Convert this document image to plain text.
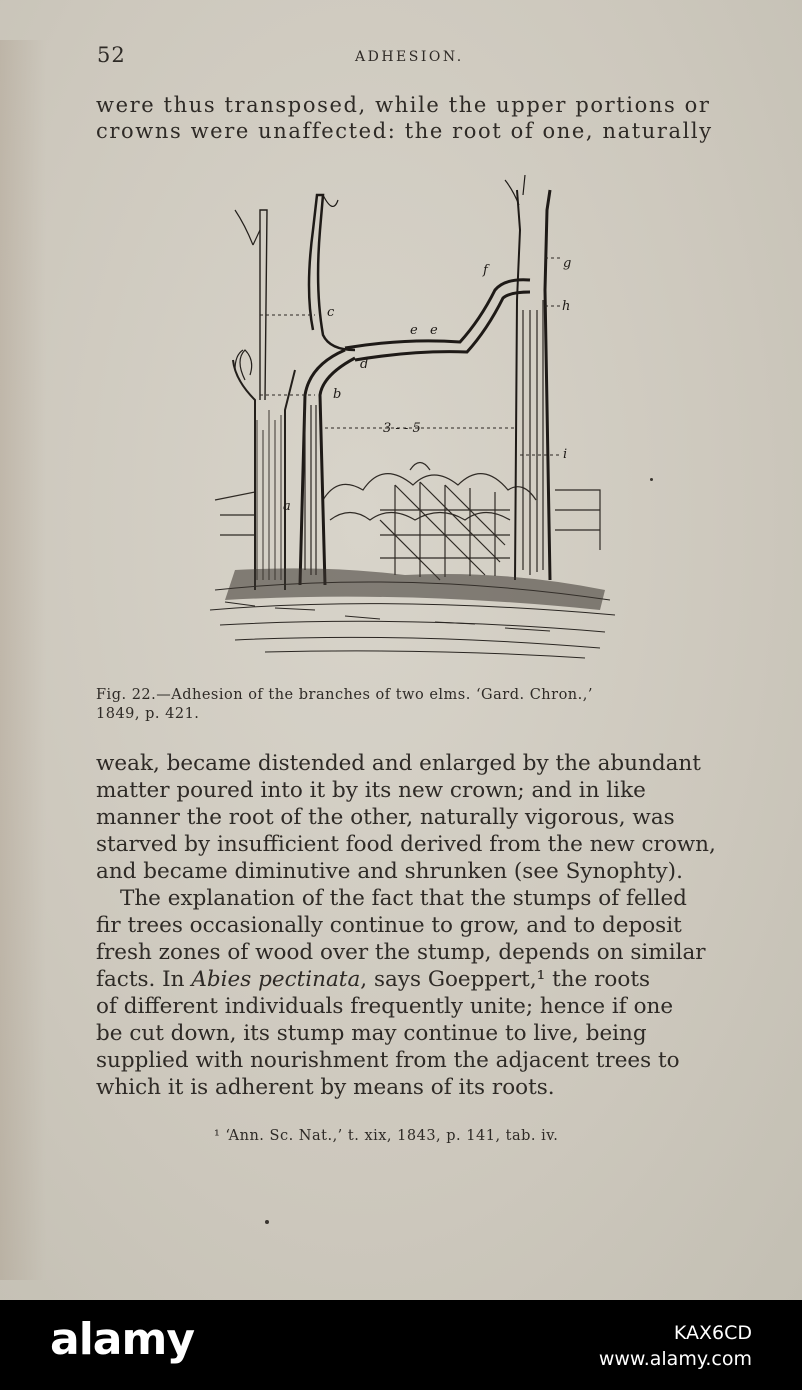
52	ADHESION.
were thus transposed, while the upper portions or
crowns were unaffected: the root of one, naturally
a
b
c
d
e e
f	g
h
i
3 - - 5
Fig. 22.—Adhesion of the branches of two elms. ‘Gard. Chron.,’
1849, p. 421.
weak, became distended and enlarged by the abundant
matter poured into it by its new crown; and in like
manner the root of the other, naturally vigorous, was
starved by insufficient food derived from the new crown,
and became diminutive and shrunken (see Synophty).
The explanation of the fact that the stumps of felled
fir trees occasionally continue to grow, and to deposit
fresh zones of wood over the stump, depends on similar
facts. In Abies pectinata, says Goeppert,¹ the roots
of different individuals frequently unite; hence if one
be cut down, its stump may continue to live, being
supplied with nourishment from the adjacent trees to
which it is adherent by means of its roots.
¹ ‘Ann. Sc. Nat.,’ t. xix, 1843, p. 141, tab. iv.
alamy	KAX6CD
www.alamy.com
